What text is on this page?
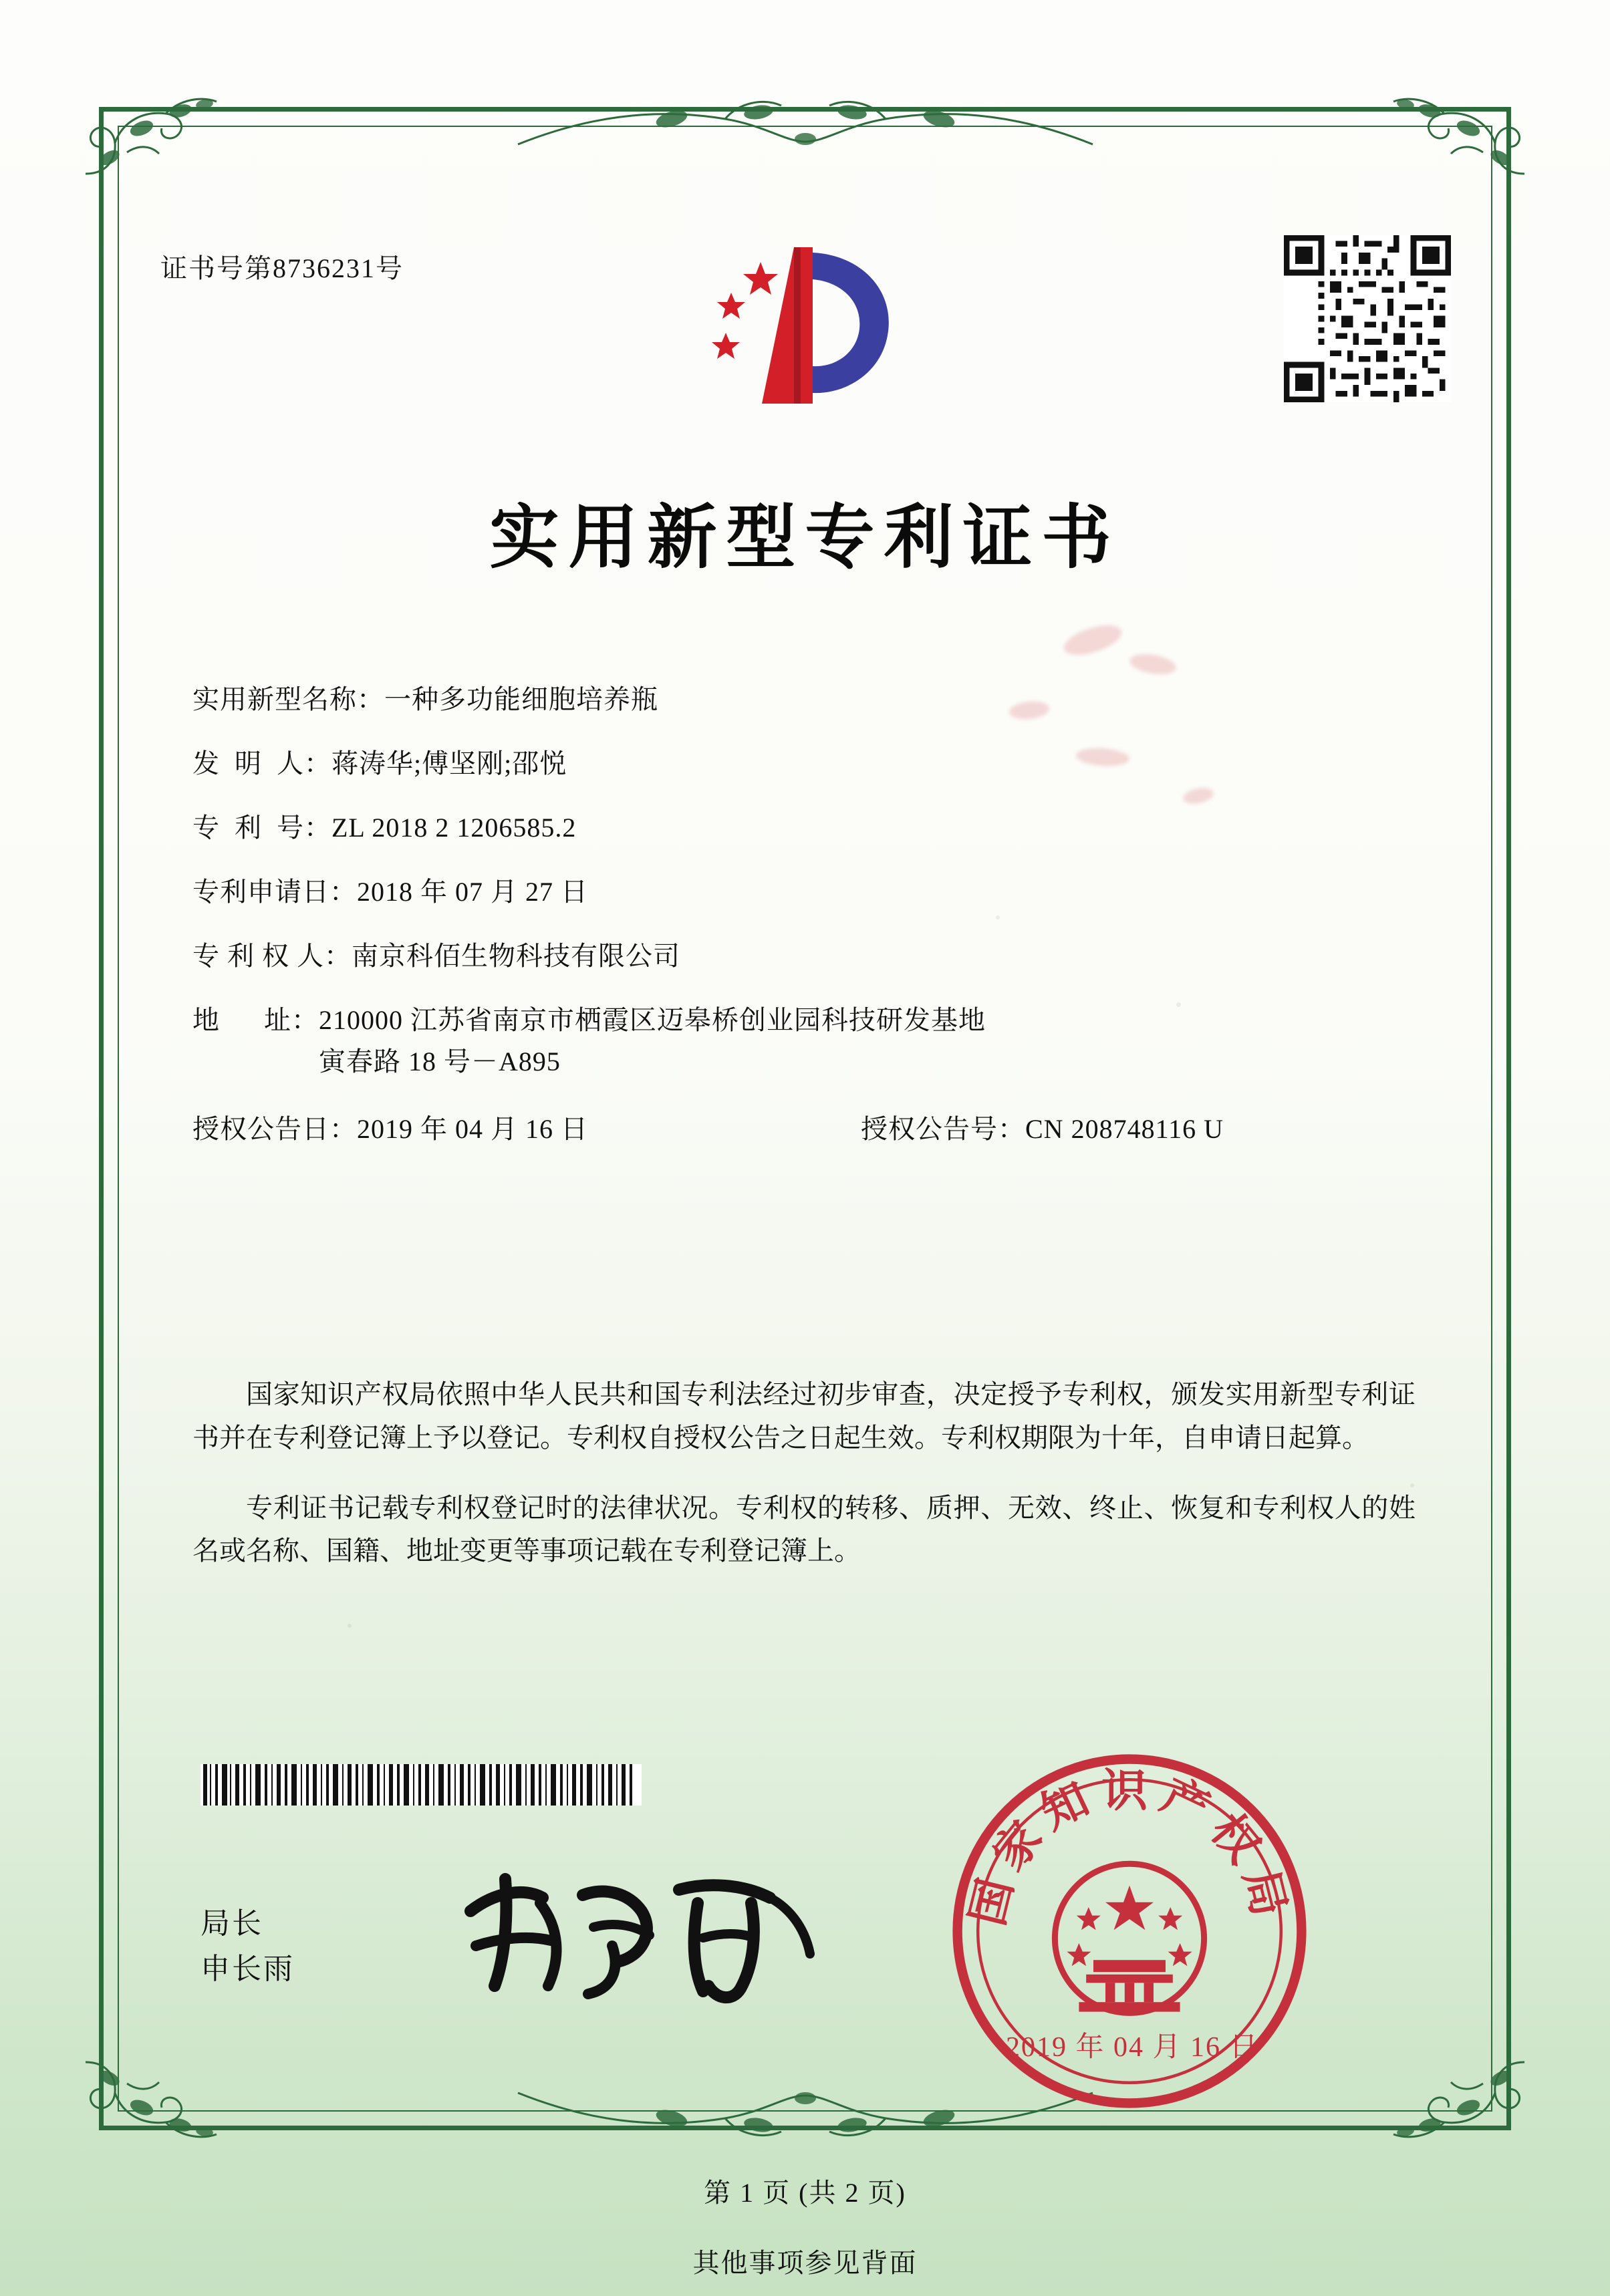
证书号第8736231号
实用新型专利证书
实用新型名称： 一种多功能细胞培养瓶
发  明  人： 蒋涛华;傅坚刚;邵悦
专  利  号： ZL 2018 2 1206585.2
专利申请日： 2018 年 07 月 27 日
专 利 权 人： 南京科佰生物科技有限公司
地      址： 210000 江苏省南京市栖霞区迈皋桥创业园科技研发基地
寅春路 18 号－A895
授权公告日： 2019 年 04 月 16 日	授权公告号： CN 208748116 U

国家知识产权局依照中华人民共和国专利法经过初步审查，决定授予专利权，颁发实用新型专利证书并在专利登记簿上予以登记。专利权自授权公告之日起生效。专利权期限为十年，自申请日起算。

专利证书记载专利权登记时的法律状况。专利权的转移、质押、无效、终止、恢复和专利权人的姓名或名称、国籍、地址变更等事项记载在专利登记簿上。

局长
申长雨
国家知识产权局
2019 年 04 月 16 日
第 1 页 (共 2 页)
其他事项参见背面
